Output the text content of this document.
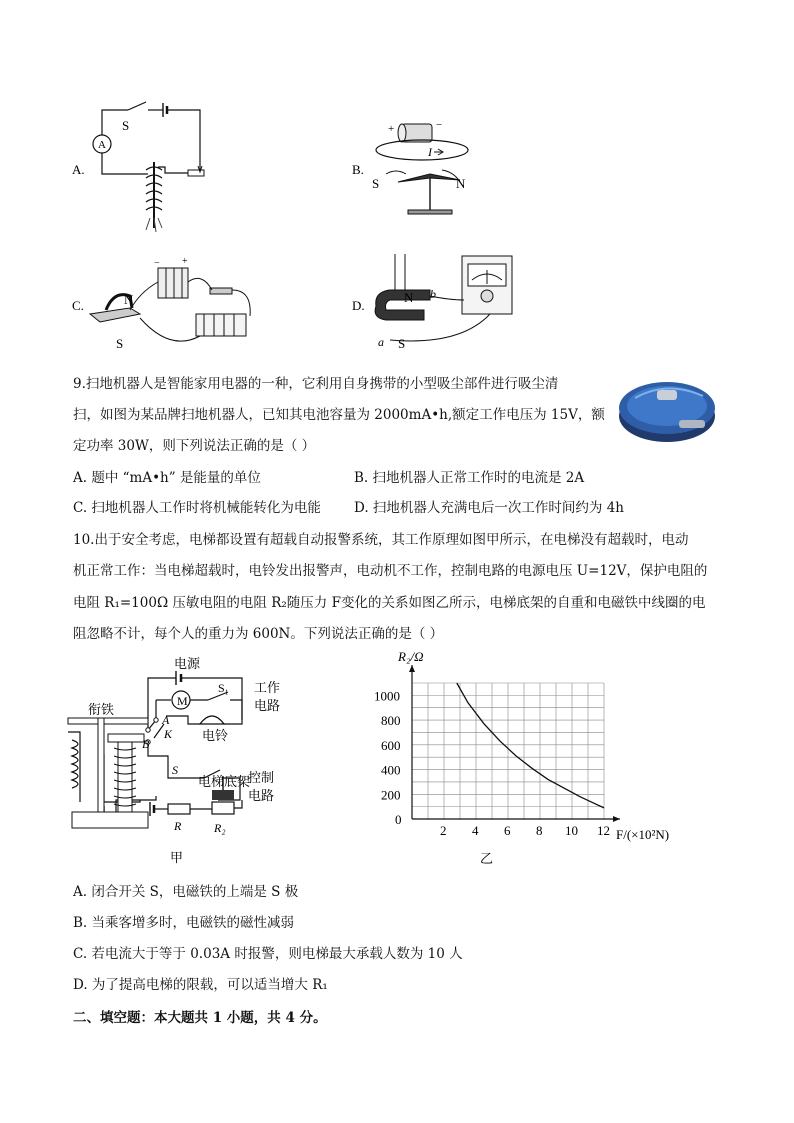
A.
A
S
B.
+	−
I
S	N
C.
− +
N
S
D.
N
S
a
b
9.扫地机器人是智能家用电器的一种，它利用自身携带的小型吸尘部件进行吸尘清
扫，如图为某品牌扫地机器人，已知其电池容量为 2000mA•h,额定工作电压为 15V，额
定功率 30W，则下列说法正确的是（ ）
A. 题中 “mA•h” 是能量的单位	B. 扫地机器人正常工作时的电流是 2A
C. 扫地机器人工作时将机械能转化为电能 D. 扫地机器人充满电后一次工作时间约为 4h
10.出于安全考虑，电梯都设置有超载自动报警系统，其工作原理如图甲所示，在电梯没有超载时，电动
机正常工作：当电梯超载时，电铃发出报警声，电动机不工作，控制电路的电源电压 U=12V，保护电阻的
电阻 R₁=100Ω 压敏电阻的电阻 R₂随压力 F变化的关系如图乙所示，电梯底架的自重和电磁铁中线圈的电
阻忽略不计，每个人的重力为 600N。下列说法正确的是（ ）
电源
衔铁
M
S₁ 工作
电路
A
K
B
电铃
S
电梯底架
控制
电路
R	R₂
甲
2 4 6 8 10 12
0
200
400
600
800
1000
R₂/Ω
F/(×10²N)
乙
A. 闭合开关 S，电磁铁的上端是 S 极
B. 当乘客增多时，电磁铁的磁性减弱
C. 若电流大于等于 0.03A 时报警，则电梯最大承载人数为 10 人
D. 为了提高电梯的限载，可以适当增大 R₁
二、填空题：本大题共 1 小题，共 4 分。
